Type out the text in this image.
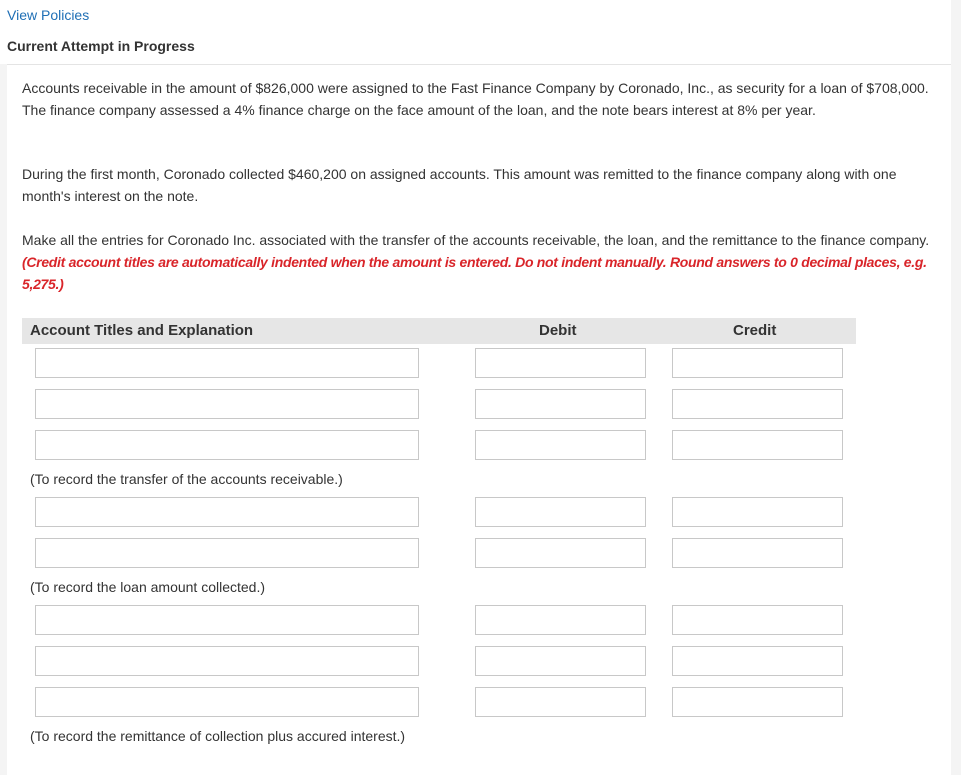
View Policies
Current Attempt in Progress

Accounts receivable in the amount of $826,000 were assigned to the Fast Finance Company by Coronado, Inc., as security for a loan of $708,000. The finance company assessed a 4% finance charge on the face amount of the loan, and the note bears interest at 8% per year.

During the first month, Coronado collected $460,200 on assigned accounts. This amount was remitted to the finance company along with one month's interest on the note.

Make all the entries for Coronado Inc. associated with the transfer of the accounts receivable, the loan, and the remittance to the finance company. (Credit account titles are automatically indented when the amount is entered. Do not indent manually. Round answers to 0 decimal places, e.g. 5,275.)

Account Titles and Explanation	Debit	Credit
(To record the transfer of the accounts receivable.)
(To record the loan amount collected.)
(To record the remittance of collection plus accured interest.)
